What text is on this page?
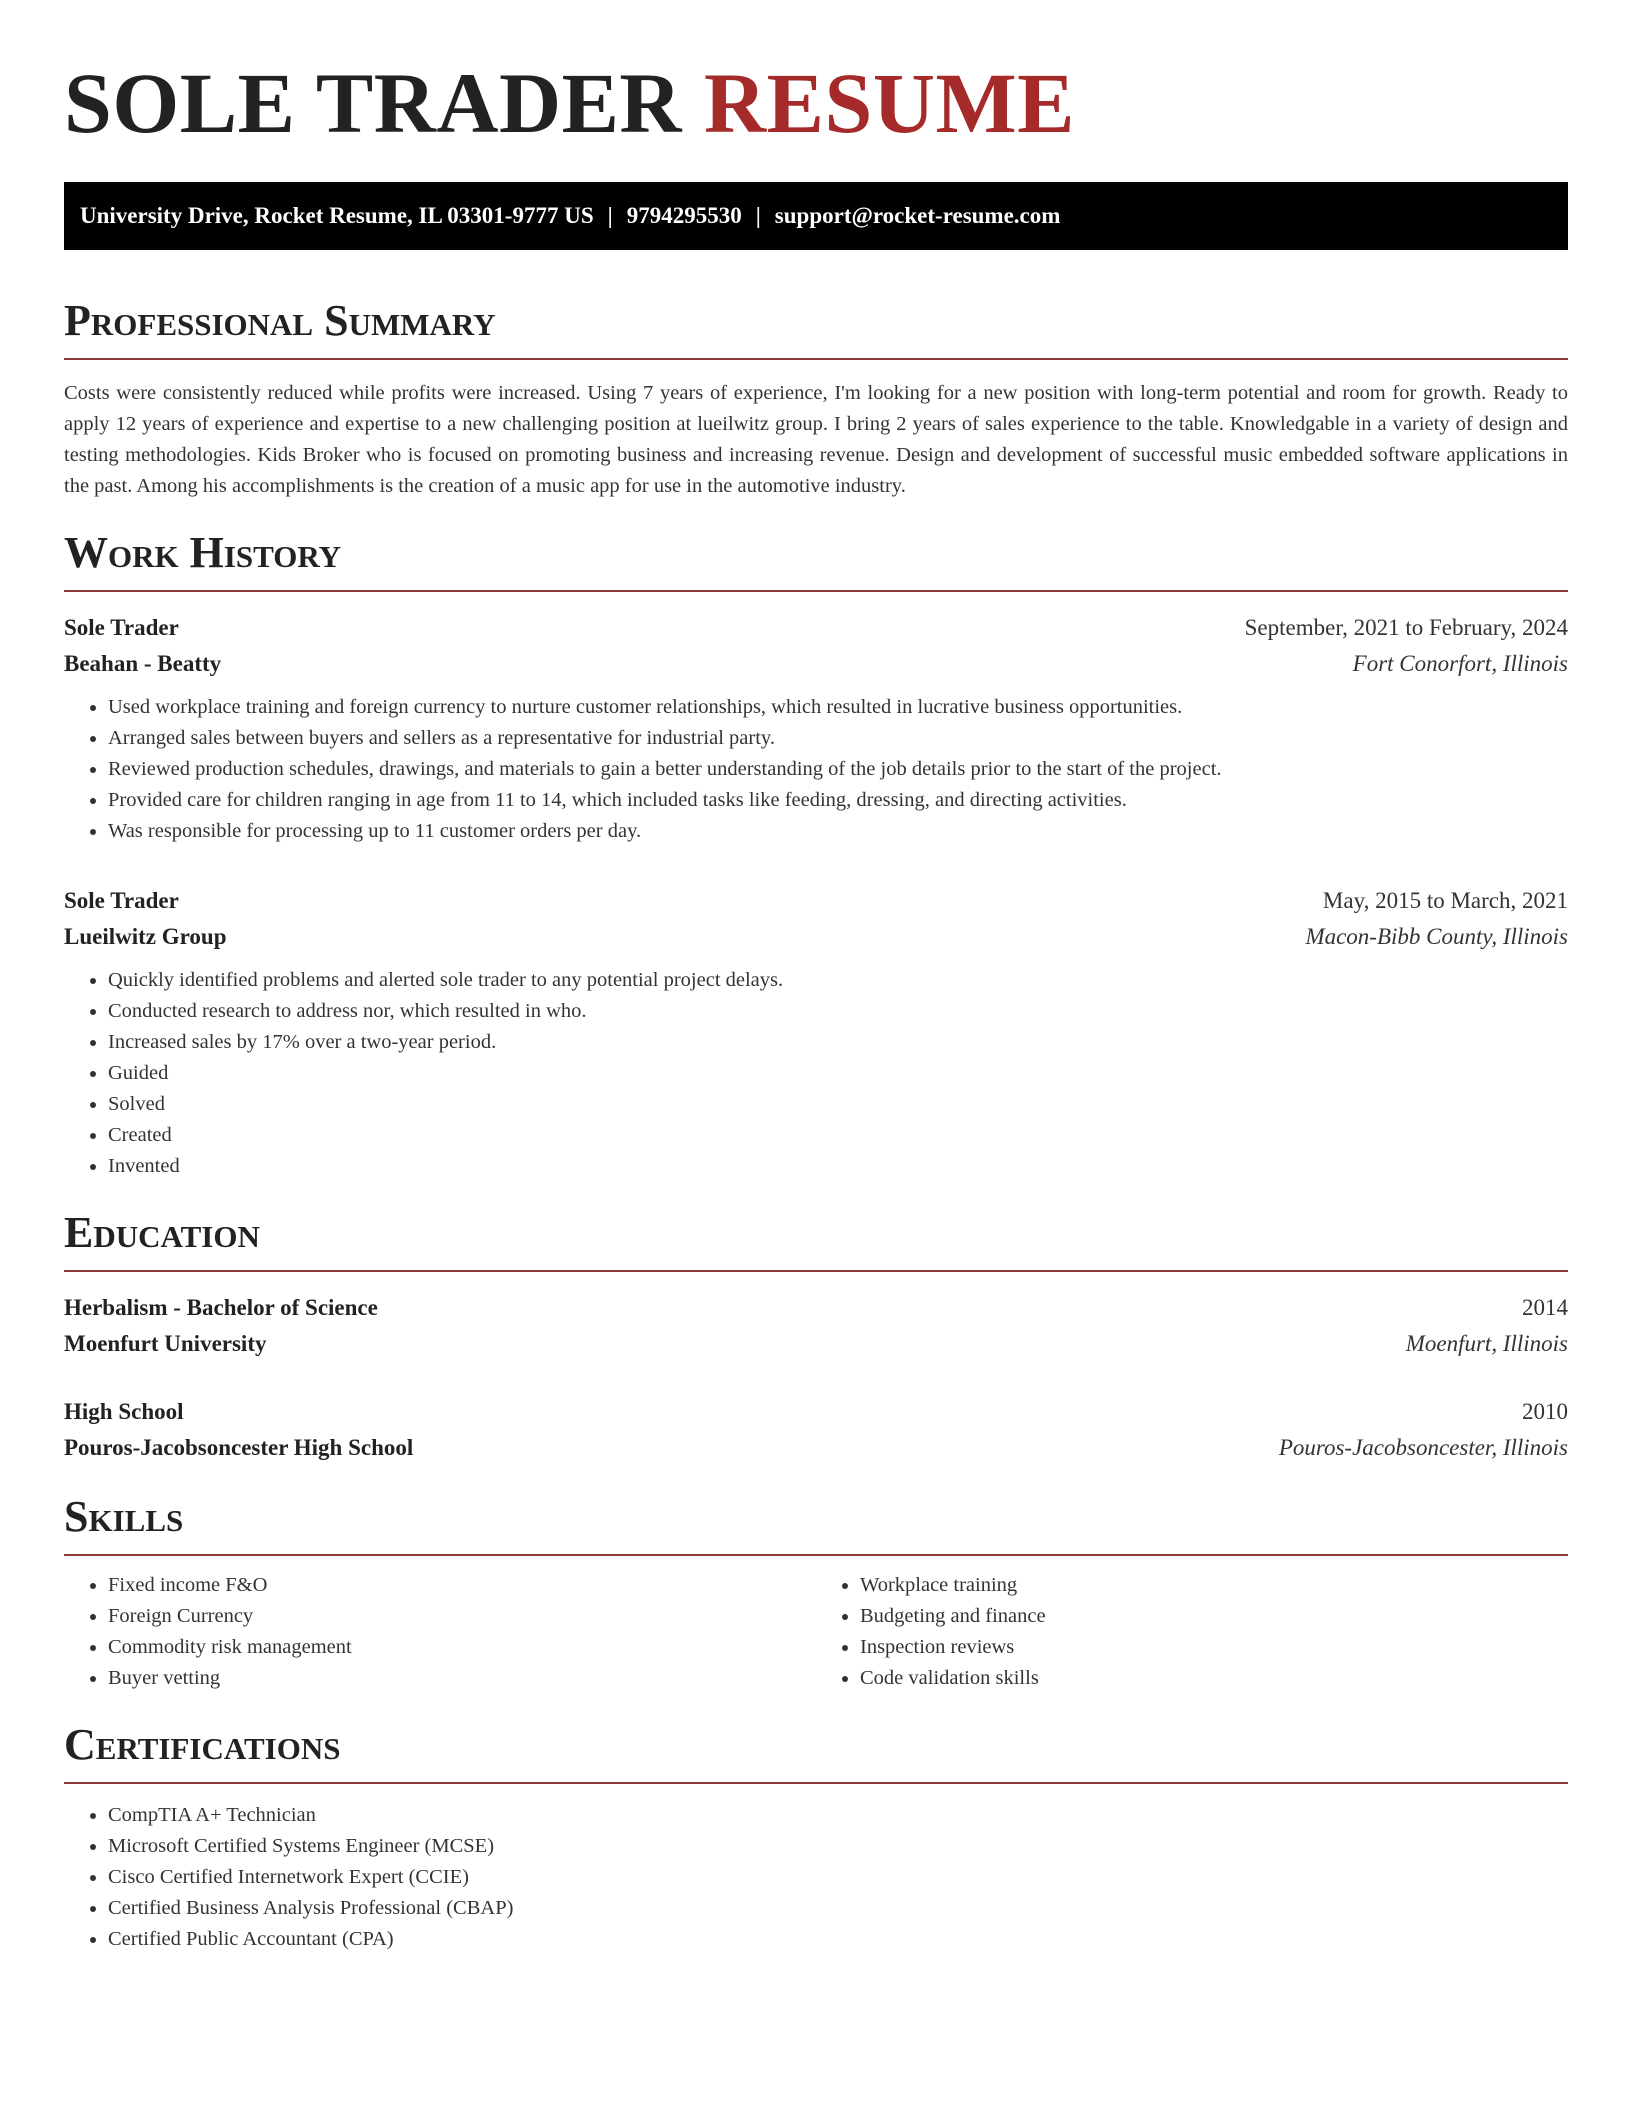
SOLE TRADER RESUME
University Drive, Rocket Resume, IL 03301-9777 US | 9794295530 | support@rocket-resume.com
Professional Summary

Costs were consistently reduced while profits were increased. Using 7 years of experience, I'm looking for a new position with long-term potential and room for growth. Ready to apply 12 years of experience and expertise to a new challenging position at lueilwitz group. I bring 2 years of sales experience to the table. Knowledgable in a variety of design and testing methodologies. Kids Broker who is focused on promoting business and increasing revenue. Design and development of successful music embedded software applications in the past. Among his accomplishments is the creation of a music app for use in the automotive industry.

Work History
Sole Trader	September, 2021 to February, 2024
Beahan - Beatty	Fort Conorfort, Illinois
• Used workplace training and foreign currency to nurture customer relationships, which resulted in lucrative business opportunities.
• Arranged sales between buyers and sellers as a representative for industrial party.
• Reviewed production schedules, drawings, and materials to gain a better understanding of the job details prior to the start of the project.
• Provided care for children ranging in age from 11 to 14, which included tasks like feeding, dressing, and directing activities.
• Was responsible for processing up to 11 customer orders per day.
Sole Trader	May, 2015 to March, 2021
Lueilwitz Group	Macon-Bibb County, Illinois
• Quickly identified problems and alerted sole trader to any potential project delays.
• Conducted research to address nor, which resulted in who.
• Increased sales by 17% over a two-year period.
• Guided
• Solved
• Created
• Invented
Education
Herbalism - Bachelor of Science	2014
Moenfurt University	Moenfurt, Illinois
High School	2010
Pouros-Jacobsoncester High School	Pouros-Jacobsoncester, Illinois
Skills
• Fixed income F&O
• Foreign Currency
• Commodity risk management
• Buyer vetting
• Workplace training
• Budgeting and finance
• Inspection reviews
• Code validation skills
Certifications
• CompTIA A+ Technician
• Microsoft Certified Systems Engineer (MCSE)
• Cisco Certified Internetwork Expert (CCIE)
• Certified Business Analysis Professional (CBAP)
• Certified Public Accountant (CPA)
